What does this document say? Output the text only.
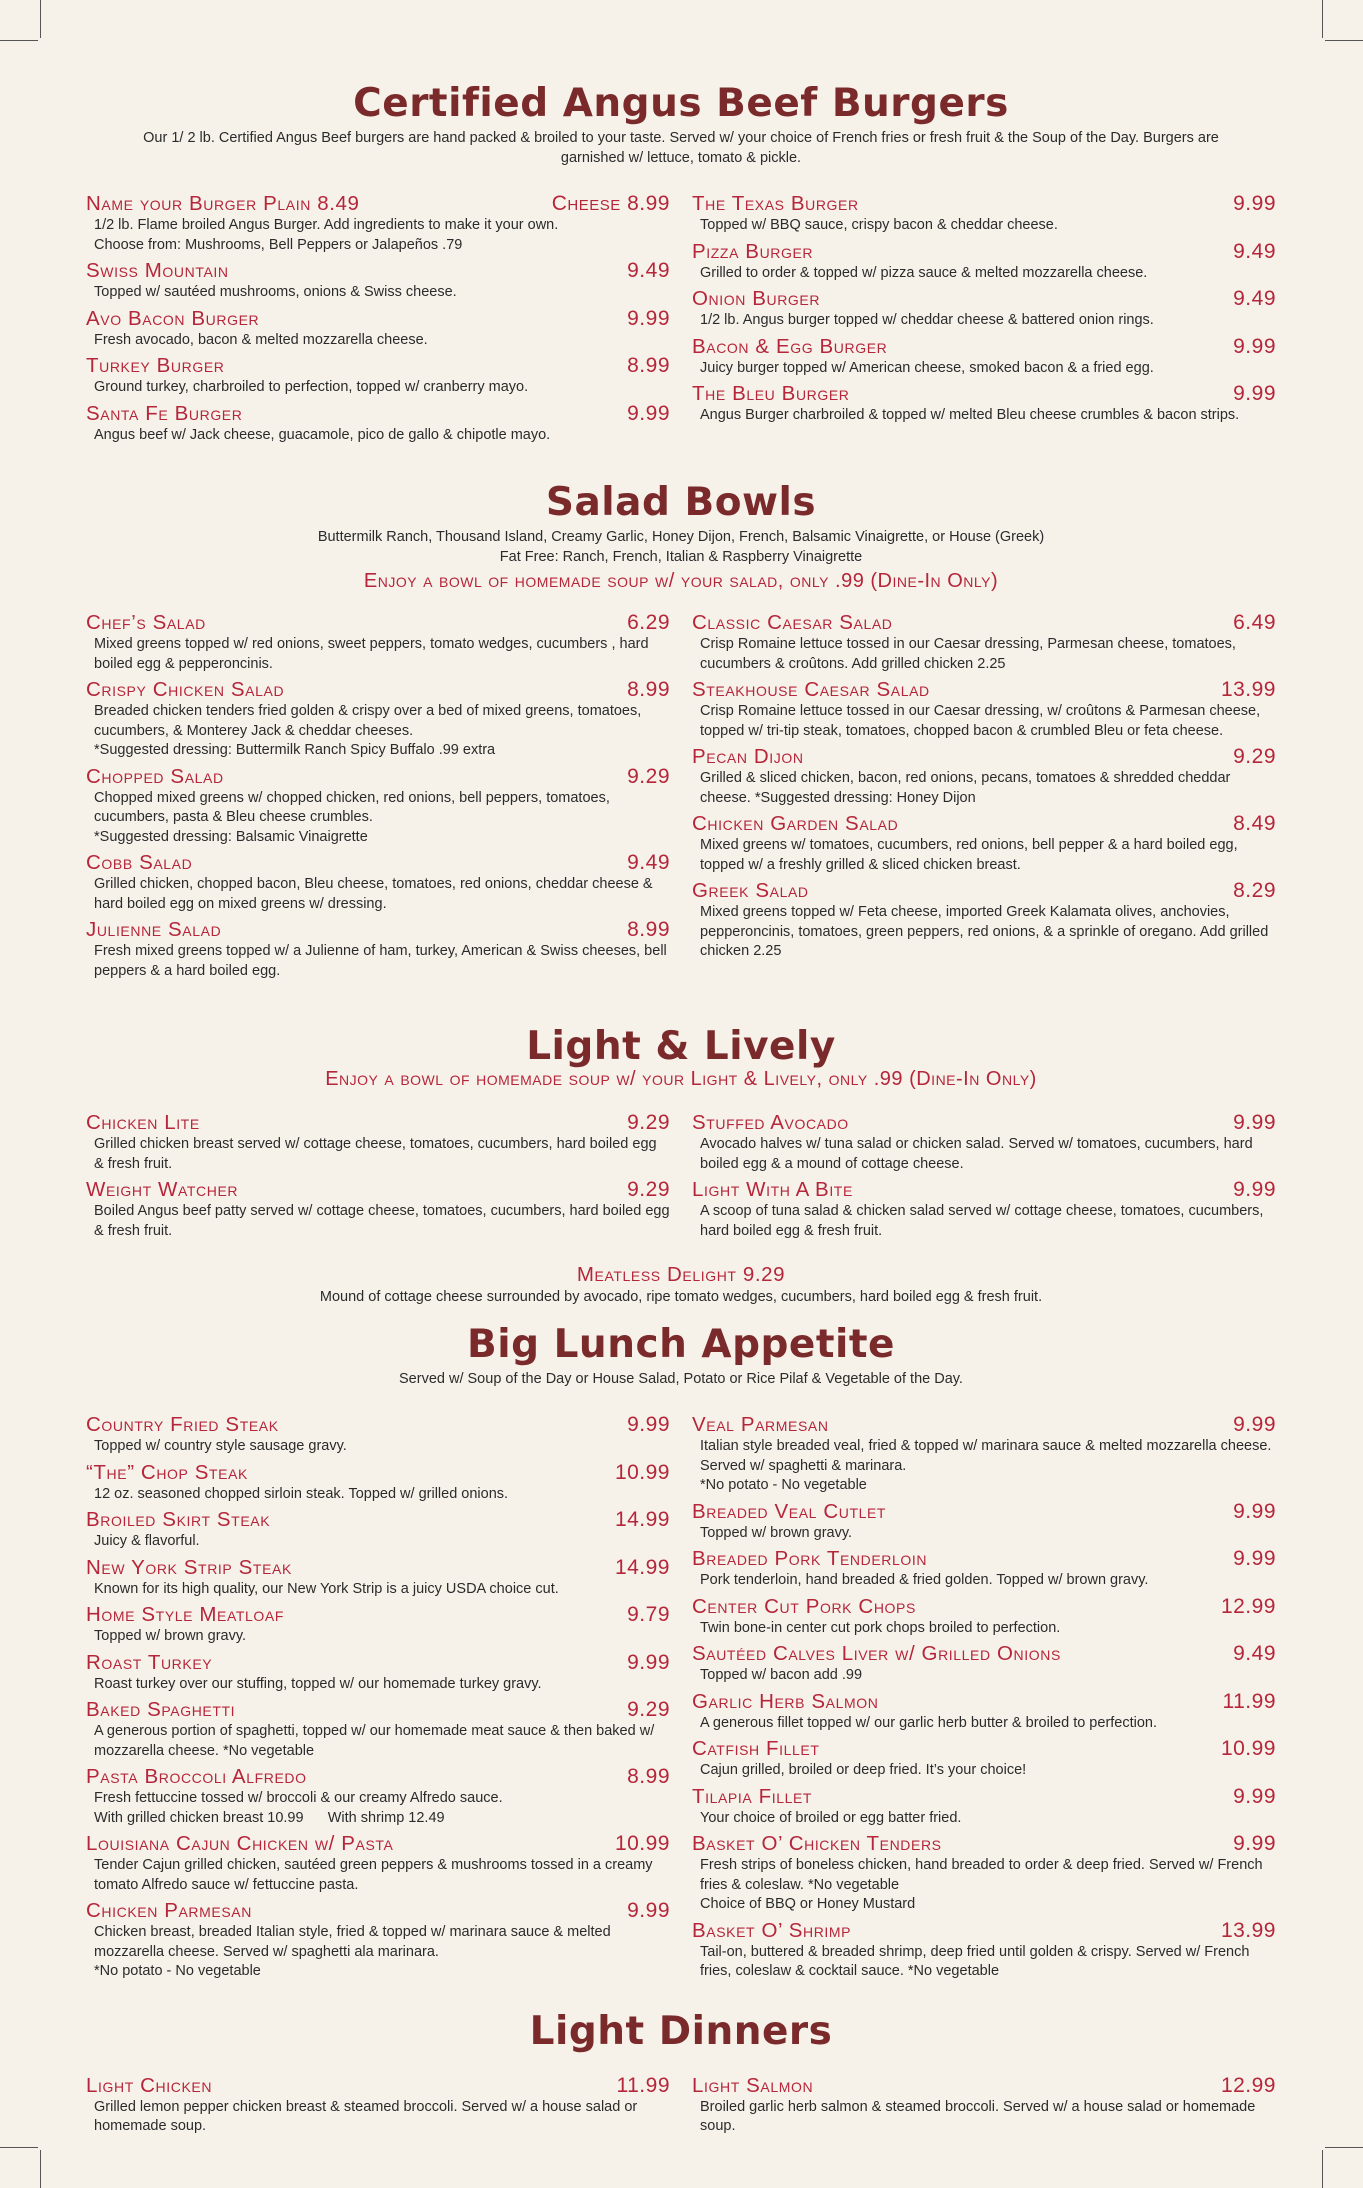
Certified Angus Beef Burgers

Our 1/ 2 lb. Certified Angus Beef burgers are hand packed & broiled to your taste. Served w/ your choice of French fries or fresh fruit & the Soup of the Day. Burgers are garnished w/ lettuce, tomato & pickle.

Name your Burger Plain 8.49	Cheese 8.99
1/2 lb. Flame broiled Angus Burger. Add ingredients to make it your own.
Choose from: Mushrooms, Bell Peppers or Jalapeños .79
Swiss Mountain	9.49
Topped w/ sautéed mushrooms, onions & Swiss cheese.
Avo Bacon Burger	9.99
Fresh avocado, bacon & melted mozzarella cheese.
Turkey Burger	8.99
Ground turkey, charbroiled to perfection, topped w/ cranberry mayo.
Santa Fe Burger	9.99
Angus beef w/ Jack cheese, guacamole, pico de gallo & chipotle mayo.
The Texas Burger	9.99
Topped w/ BBQ sauce, crispy bacon & cheddar cheese.
Pizza Burger	9.49
Grilled to order & topped w/ pizza sauce & melted mozzarella cheese.
Onion Burger	9.49
1/2 lb. Angus burger topped w/ cheddar cheese & battered onion rings.
Bacon & Egg Burger	9.99
Juicy burger topped w/ American cheese, smoked bacon & a fried egg.
The Bleu Burger	9.99
Angus Burger charbroiled & topped w/ melted Bleu cheese crumbles & bacon strips.
Salad Bowls

Buttermilk Ranch, Thousand Island, Creamy Garlic, Honey Dijon, French, Balsamic Vinaigrette, or House (Greek)

Fat Free: Ranch, French, Italian & Raspberry Vinaigrette

Enjoy a bowl of homemade soup w/ your salad, only .99 (Dine-In Only)

Chef’s Salad	6.29
Mixed greens topped w/ red onions, sweet peppers, tomato wedges, cucumbers , hard boiled egg & pepperoncinis.
Crispy Chicken Salad	8.99
Breaded chicken tenders fried golden & crispy over a bed of mixed greens, tomatoes, cucumbers, & Monterey Jack & cheddar cheeses.
*Suggested dressing: Buttermilk Ranch Spicy Buffalo .99 extra
Chopped Salad	9.29
Chopped mixed greens w/ chopped chicken, red onions, bell peppers, tomatoes, cucumbers, pasta & Bleu cheese crumbles.
*Suggested dressing: Balsamic Vinaigrette
Cobb Salad	9.49
Grilled chicken, chopped bacon, Bleu cheese, tomatoes, red onions, cheddar cheese & hard boiled egg on mixed greens w/ dressing.
Julienne Salad	8.99
Fresh mixed greens topped w/ a Julienne of ham, turkey, American & Swiss cheeses, bell peppers & a hard boiled egg.
Classic Caesar Salad	6.49
Crisp Romaine lettuce tossed in our Caesar dressing, Parmesan cheese, tomatoes, cucumbers & croûtons. Add grilled chicken 2.25
Steakhouse Caesar Salad	13.99
Crisp Romaine lettuce tossed in our Caesar dressing, w/ croûtons & Parmesan cheese, topped w/ tri-tip steak, tomatoes, chopped bacon & crumbled Bleu or feta cheese.
Pecan Dijon	9.29
Grilled & sliced chicken, bacon, red onions, pecans, tomatoes & shredded cheddar cheese. *Suggested dressing: Honey Dijon
Chicken Garden Salad	8.49
Mixed greens w/ tomatoes, cucumbers, red onions, bell pepper & a hard boiled egg, topped w/ a freshly grilled & sliced chicken breast.
Greek Salad	8.29
Mixed greens topped w/ Feta cheese, imported Greek Kalamata olives, anchovies, pepperoncinis, tomatoes, green peppers, red onions, & a sprinkle of oregano. Add grilled chicken 2.25
Light & Lively

Enjoy a bowl of homemade soup w/ your Light & Lively, only .99 (Dine-In Only)

Chicken Lite	9.29
Grilled chicken breast served w/ cottage cheese, tomatoes, cucumbers, hard boiled egg & fresh fruit.
Weight Watcher	9.29
Boiled Angus beef patty served w/ cottage cheese, tomatoes, cucumbers, hard boiled egg & fresh fruit.
Stuffed Avocado	9.99
Avocado halves w/ tuna salad or chicken salad. Served w/ tomatoes, cucumbers, hard boiled egg & a mound of cottage cheese.
Light With A Bite	9.99
A scoop of tuna salad & chicken salad served w/ cottage cheese, tomatoes, cucumbers, hard boiled egg & fresh fruit.
Meatless Delight 9.29
Mound of cottage cheese surrounded by avocado, ripe tomato wedges, cucumbers, hard boiled egg & fresh fruit.
Big Lunch Appetite

Served w/ Soup of the Day or House Salad, Potato or Rice Pilaf & Vegetable of the Day.

Country Fried Steak	9.99
Topped w/ country style sausage gravy.
“The” Chop Steak	10.99
12 oz. seasoned chopped sirloin steak. Topped w/ grilled onions.
Broiled Skirt Steak	14.99
Juicy & flavorful.
New York Strip Steak	14.99
Known for its high quality, our New York Strip is a juicy USDA choice cut.
Home Style Meatloaf	9.79
Topped w/ brown gravy.
Roast Turkey	9.99
Roast turkey over our stuffing, topped w/ our homemade turkey gravy.
Baked Spaghetti	9.29
A generous portion of spaghetti, topped w/ our homemade meat sauce & then baked w/ mozzarella cheese. *No vegetable
Pasta Broccoli Alfredo	8.99
Fresh fettuccine tossed w/ broccoli & our creamy Alfredo sauce.
With grilled chicken breast 10.99      With shrimp 12.49
Louisiana Cajun Chicken w/ Pasta	10.99
Tender Cajun grilled chicken, sautéed green peppers & mushrooms tossed in a creamy tomato Alfredo sauce w/ fettuccine pasta.
Chicken Parmesan	9.99
Chicken breast, breaded Italian style, fried & topped w/ marinara sauce & melted mozzarella cheese. Served w/ spaghetti ala marinara.
*No potato - No vegetable
Veal Parmesan	9.99
Italian style breaded veal, fried & topped w/ marinara sauce & melted mozzarella cheese. Served w/ spaghetti & marinara.
*No potato - No vegetable
Breaded Veal Cutlet	9.99
Topped w/ brown gravy.
Breaded Pork Tenderloin	9.99
Pork tenderloin, hand breaded & fried golden. Topped w/ brown gravy.
Center Cut Pork Chops	12.99
Twin bone-in center cut pork chops broiled to perfection.
Sautéed Calves Liver w/ Grilled Onions	9.49
Topped w/ bacon add .99
Garlic Herb Salmon	11.99
A generous fillet topped w/ our garlic herb butter & broiled to perfection.
Catfish Fillet	10.99
Cajun grilled, broiled or deep fried. It’s your choice!
Tilapia Fillet	9.99
Your choice of broiled or egg batter fried.
Basket O’ Chicken Tenders	9.99
Fresh strips of boneless chicken, hand breaded to order & deep fried. Served w/ French fries & coleslaw. *No vegetable
Choice of BBQ or Honey Mustard
Basket O’ Shrimp	13.99
Tail-on, buttered & breaded shrimp, deep fried until golden & crispy. Served w/ French fries, coleslaw & cocktail sauce. *No vegetable
Light Dinners
Light Chicken	11.99
Grilled lemon pepper chicken breast & steamed broccoli. Served w/ a house salad or homemade soup.
Light Salmon	12.99
Broiled garlic herb salmon & steamed broccoli. Served w/ a house salad or homemade soup.
